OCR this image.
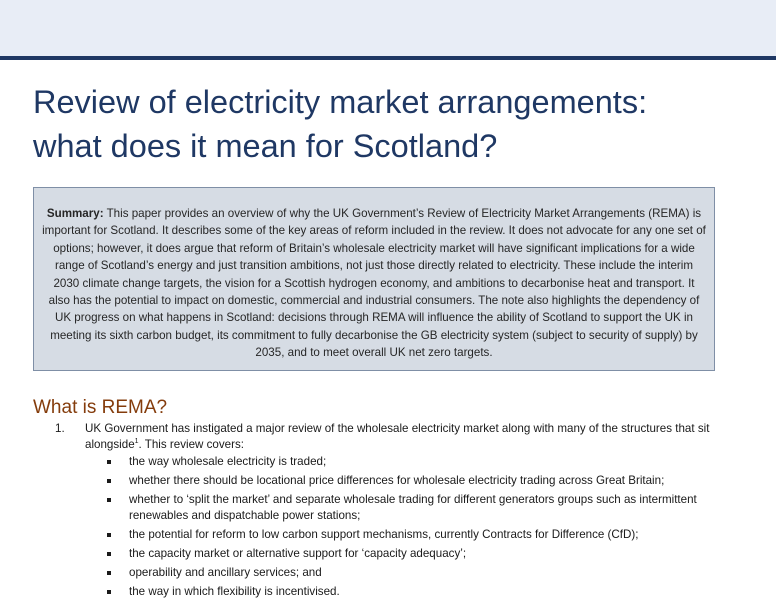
Review of electricity market arrangements:
what does it mean for Scotland?
Summary: This paper provides an overview of why the UK Government’s Review of Electricity Market Arrangements (REMA) is important for Scotland. It describes some of the key areas of reform included in the review. It does not advocate for any one set of options; however, it does argue that reform of Britain’s wholesale electricity market will have significant implications for a wide range of Scotland’s energy and just transition ambitions, not just those directly related to electricity. These include the interim 2030 climate change targets, the vision for a Scottish hydrogen economy, and ambitions to decarbonise heat and transport. It also has the potential to impact on domestic, commercial and industrial consumers. The note also highlights the dependency of UK progress on what happens in Scotland: decisions through REMA will influence the ability of Scotland to support the UK in meeting its sixth carbon budget, its commitment to fully decarbonise the GB electricity system (subject to security of supply) by 2035, and to meet overall UK net zero targets.
What is REMA?
1. UK Government has instigated a major review of the wholesale electricity market along with many of the structures that sit alongside$^1$. This review covers:
the way wholesale electricity is traded;
whether there should be locational price differences for wholesale electricity trading across Great Britain;
whether to ‘split the market’ and separate wholesale trading for different generators groups such as intermittent renewables and dispatchable power stations;
the potential for reform to low carbon support mechanisms, currently Contracts for Difference (CfD);
the capacity market or alternative support for ‘capacity adequacy’;
operability and ancillary services; and
the way in which flexibility is incentivised.
